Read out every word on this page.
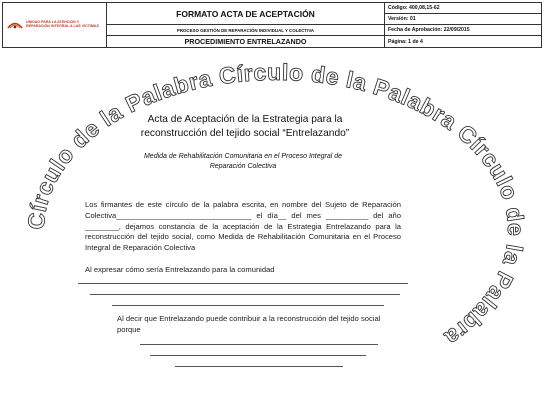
UNIDAD PARA LA ATENCIÓN Y REPARACIÓN INTEGRAL A LAS VÍCTIMAS
FORMATO ACTA DE ACEPTACIÓN
PROCESO GESTIÓN DE REPARACIÓN INDIVIDUAL Y COLECTIVA
PROCEDIMIENTO ENTRELAZANDO
Código: 400,08,15-62
Versión: 01
Fecha de Aprobación: 22/09/2015
Página: 1 de 4
Círculo de la Palabra Círculo de la Palabra Círculo de la Palabra
Acta de Aceptación de la Estrategia para la
reconstrucción del tejido social “Entrelazando”
Medida de Rehabilitación Comunitaria en el Proceso Integral de
Reparación Colectiva
Los firmantes de este círculo de la palabra escrita, en nombre del Sujeto de Reparación Colectiva________________________________ el día__ del mes __________ del año ________, dejamos constancia de la aceptación de la Estrategia Entrelazando para la reconstrucción del tejido social, como Medida de Rehabilitación Comunitaria en el Proceso Integral de Reparación Colectiva
Al expresar cómo sería Entrelazando para la comunidad
Al decir que Entrelazando puede contribuir a la reconstrucción del tejido social porque
